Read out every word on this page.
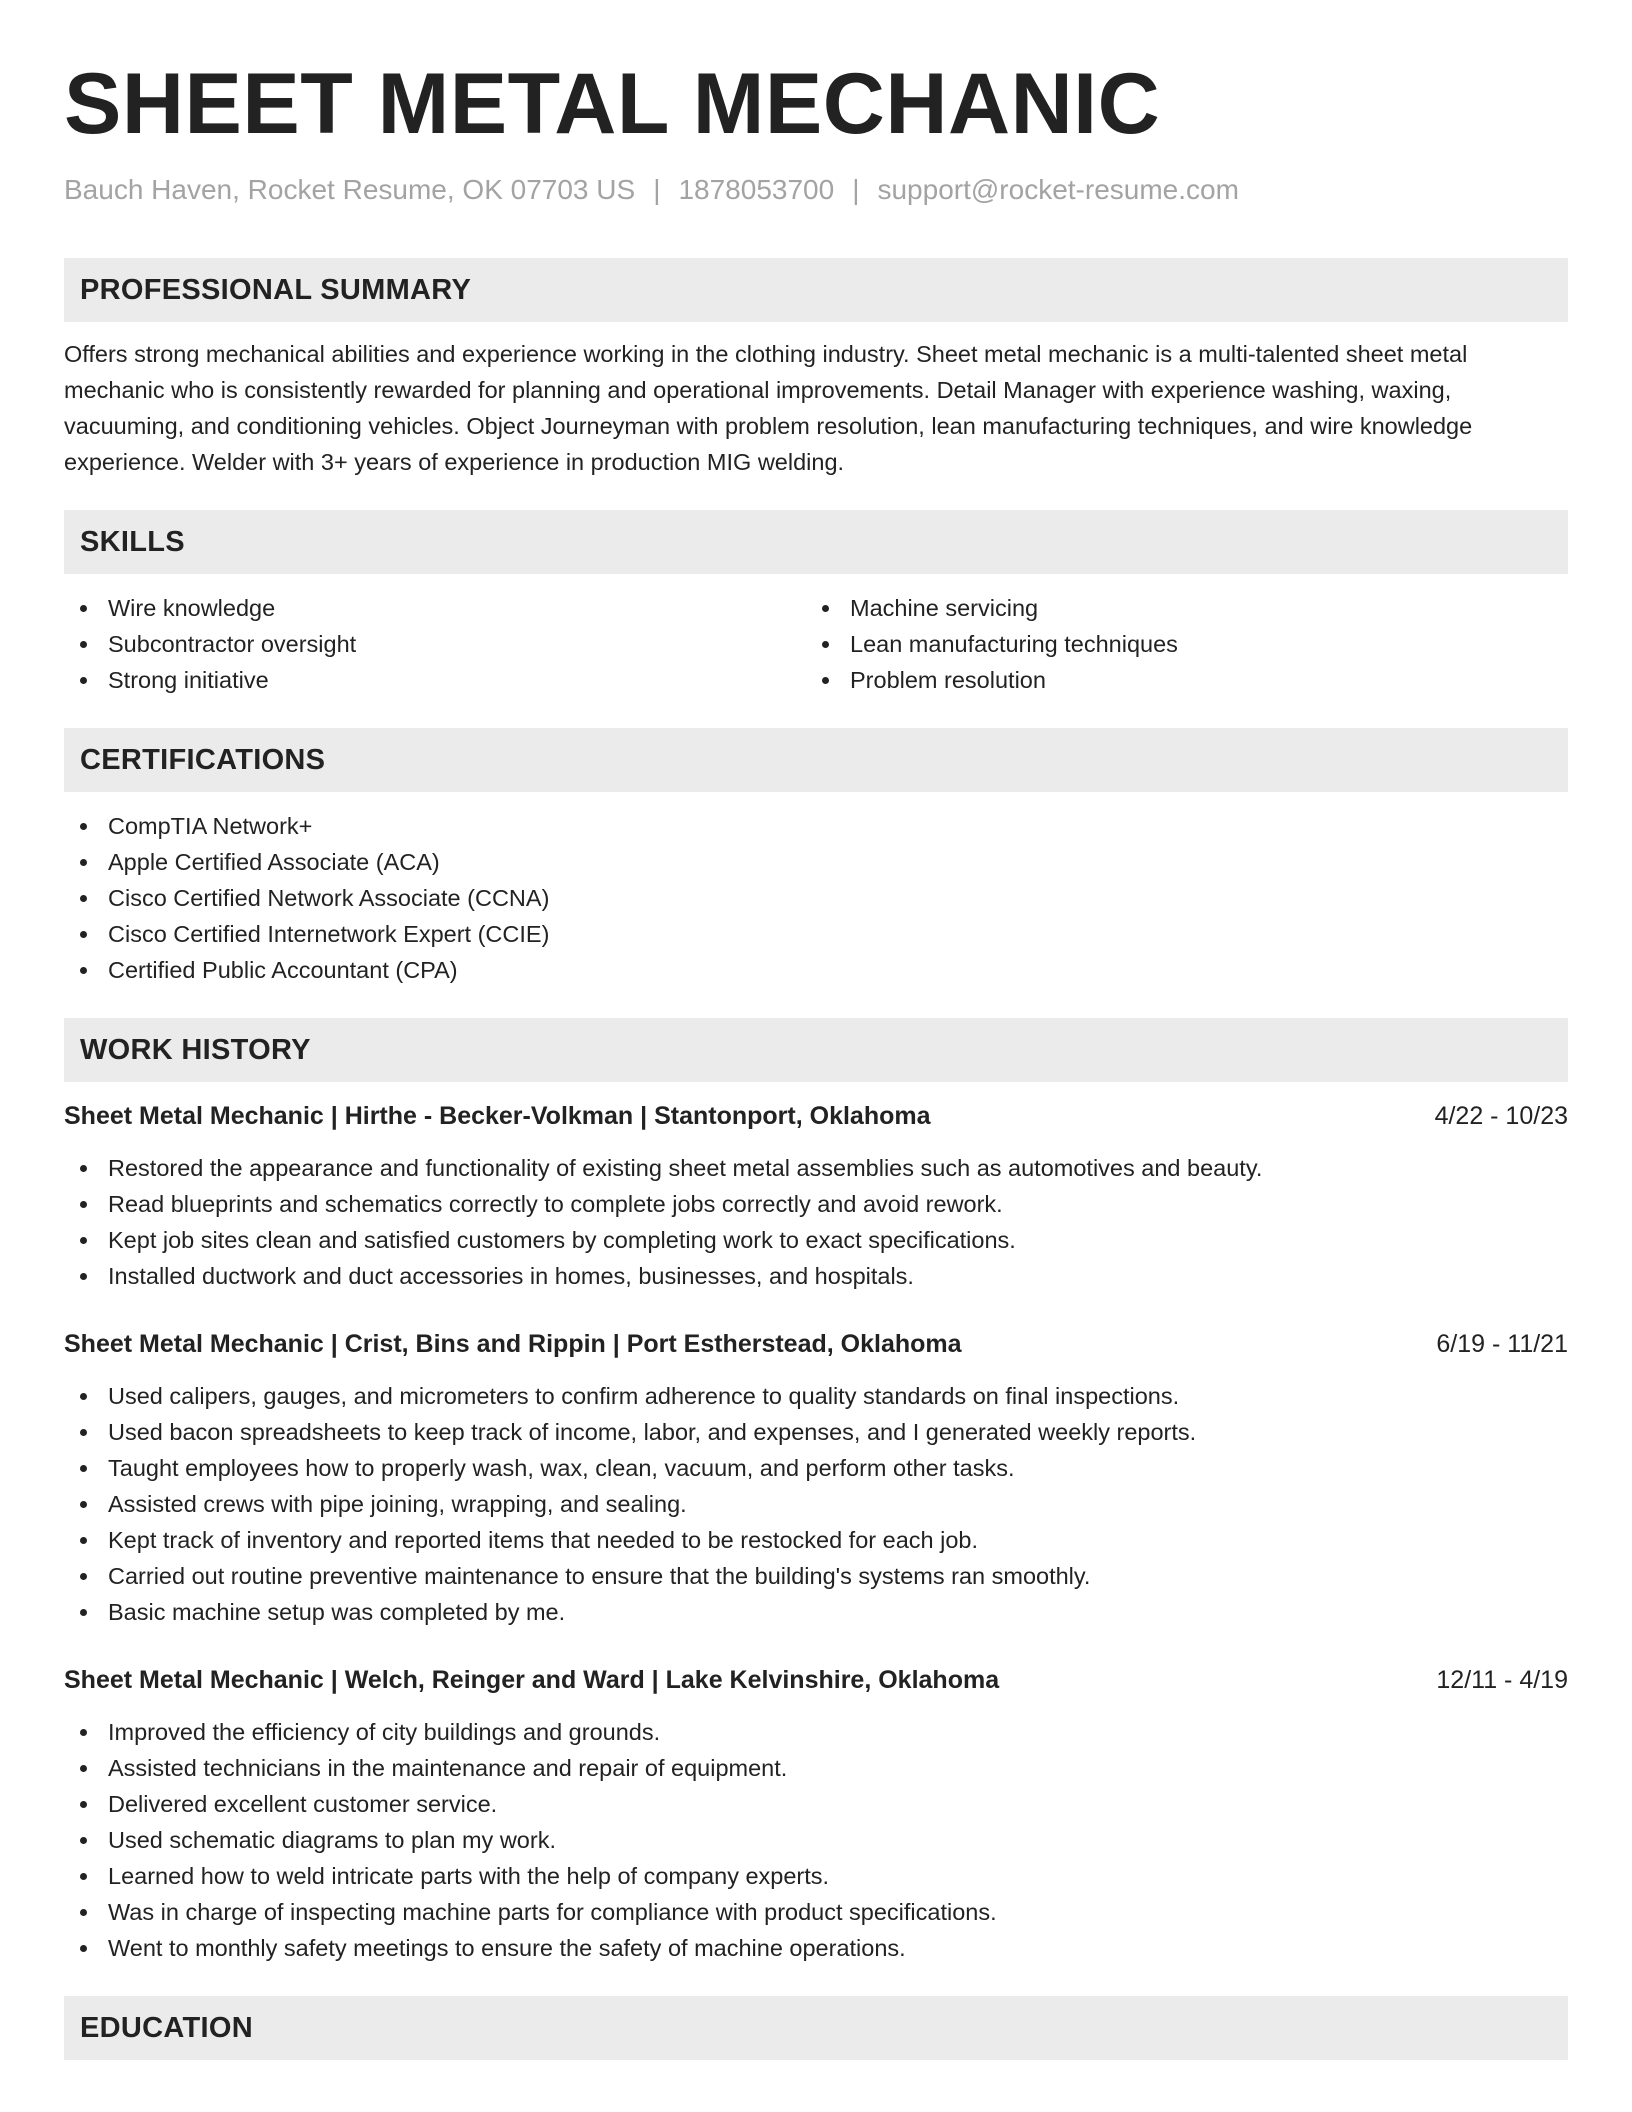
SHEET METAL MECHANIC
Bauch Haven, Rocket Resume, OK 07703 US | 1878053700 | support@rocket-resume.com
PROFESSIONAL SUMMARY
Offers strong mechanical abilities and experience working in the clothing industry. Sheet metal mechanic is a multi-talented sheet metal mechanic who is consistently rewarded for planning and operational improvements. Detail Manager with experience washing, waxing, vacuuming, and conditioning vehicles. Object Journeyman with problem resolution, lean manufacturing techniques, and wire knowledge experience. Welder with 3+ years of experience in production MIG welding.
SKILLS
Wire knowledge
Subcontractor oversight
Strong initiative
Machine servicing
Lean manufacturing techniques
Problem resolution
CERTIFICATIONS
CompTIA Network+
Apple Certified Associate (ACA)
Cisco Certified Network Associate (CCNA)
Cisco Certified Internetwork Expert (CCIE)
Certified Public Accountant (CPA)
WORK HISTORY
Sheet Metal Mechanic | Hirthe - Becker-Volkman | Stantonport, Oklahoma	4/22 - 10/23
Restored the appearance and functionality of existing sheet metal assemblies such as automotives and beauty.
Read blueprints and schematics correctly to complete jobs correctly and avoid rework.
Kept job sites clean and satisfied customers by completing work to exact specifications.
Installed ductwork and duct accessories in homes, businesses, and hospitals.
Sheet Metal Mechanic | Crist, Bins and Rippin | Port Estherstead, Oklahoma	6/19 - 11/21
Used calipers, gauges, and micrometers to confirm adherence to quality standards on final inspections.
Used bacon spreadsheets to keep track of income, labor, and expenses, and I generated weekly reports.
Taught employees how to properly wash, wax, clean, vacuum, and perform other tasks.
Assisted crews with pipe joining, wrapping, and sealing.
Kept track of inventory and reported items that needed to be restocked for each job.
Carried out routine preventive maintenance to ensure that the building's systems ran smoothly.
Basic machine setup was completed by me.
Sheet Metal Mechanic | Welch, Reinger and Ward | Lake Kelvinshire, Oklahoma	12/11 - 4/19
Improved the efficiency of city buildings and grounds.
Assisted technicians in the maintenance and repair of equipment.
Delivered excellent customer service.
Used schematic diagrams to plan my work.
Learned how to weld intricate parts with the help of company experts.
Was in charge of inspecting machine parts for compliance with product specifications.
Went to monthly safety meetings to ensure the safety of machine operations.
EDUCATION
